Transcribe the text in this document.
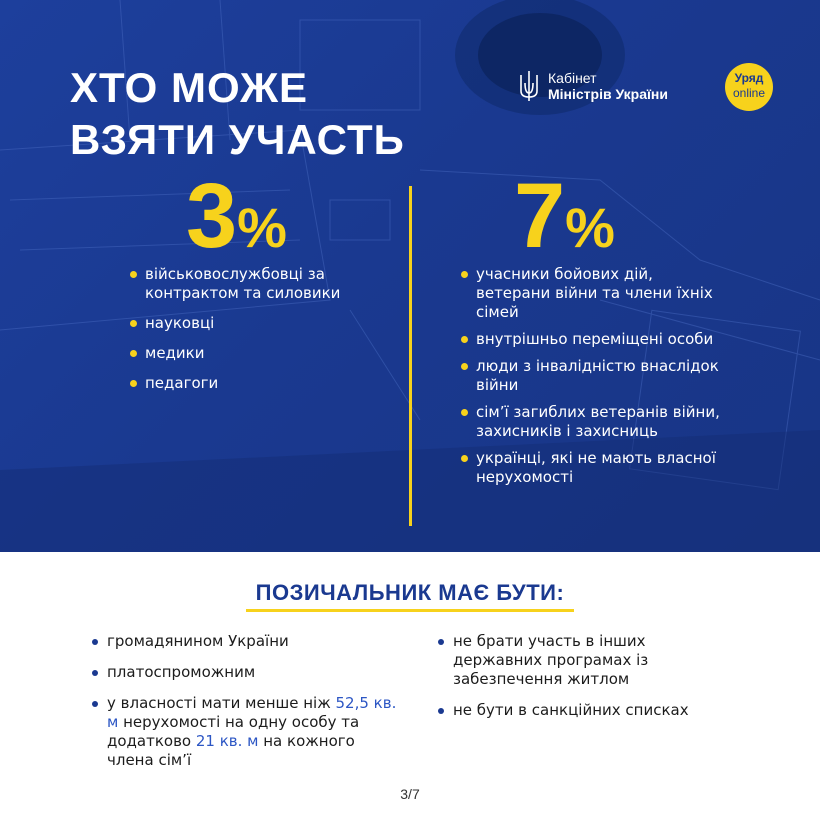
ХТО МОЖЕ
ВЗЯТИ УЧАСТЬ
Кабінет
Міністрів України
Уряд
online
3%
військовослужбовці за контрактом та силовики
науковці
медики
педагоги
7%
учасники бойових дій, ветерани війни та члени їхніх сімей
внутрішньо переміщені особи
люди з інвалідністю внаслідок війни
сім’ї загиблих ветеранів війни, захисників і захисниць
українці, які не мають власної нерухомості
ПОЗИЧАЛЬНИК МАЄ БУТИ:
громадянином України
платоспроможним
у власності мати менше ніж 52,5 кв. м нерухомості на одну особу та додатково 21 кв. м на кожного члена сім’ї
не брати участь в інших державних програмах із забезпечення житлом
не бути в санкційних списках
3/7
